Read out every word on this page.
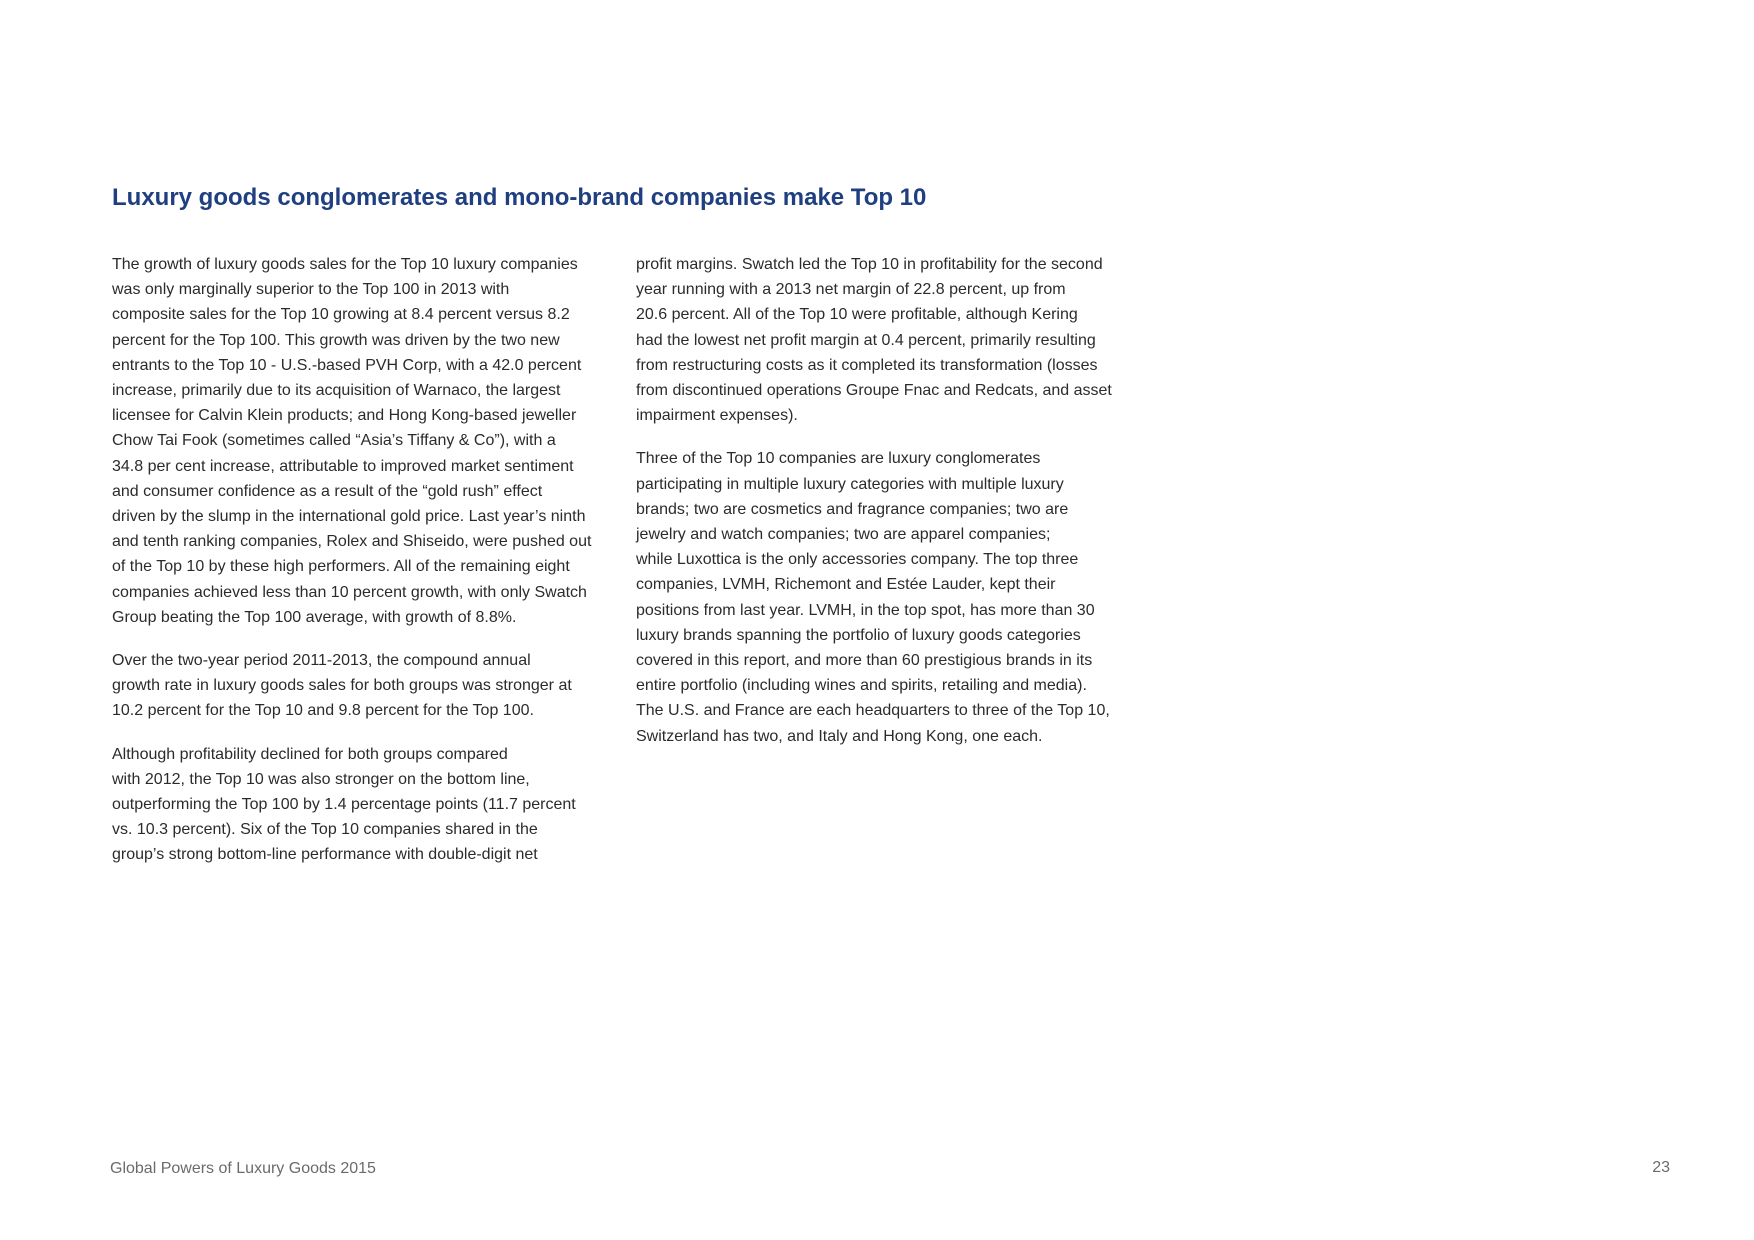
Luxury goods conglomerates and mono-brand companies make Top 10

The growth of luxury goods sales for the Top 10 luxury companies
was only marginally superior to the Top 100 in 2013 with
composite sales for the Top 10 growing at 8.4 percent versus 8.2
percent for the Top 100. This growth was driven by the two new
entrants to the Top 10 - U.S.-based PVH Corp, with a 42.0 percent
increase, primarily due to its acquisition of Warnaco, the largest
licensee for Calvin Klein products; and Hong Kong-based jeweller
Chow Tai Fook (sometimes called “Asia’s Tiffany & Co”), with a
34.8 per cent increase, attributable to improved market sentiment
and consumer confidence as a result of the “gold rush” effect
driven by the slump in the international gold price. Last year’s ninth
and tenth ranking companies, Rolex and Shiseido, were pushed out
of the Top 10 by these high performers. All of the remaining eight
companies achieved less than 10 percent growth, with only Swatch
Group beating the Top 100 average, with growth of 8.8%.

Over the two-year period 2011-2013, the compound annual
growth rate in luxury goods sales for both groups was stronger at
10.2 percent for the Top 10 and 9.8 percent for the Top 100.

Although profitability declined for both groups compared
with 2012, the Top 10 was also stronger on the bottom line,
outperforming the Top 100 by 1.4 percentage points (11.7 percent
vs. 10.3 percent). Six of the Top 10 companies shared in the
group’s strong bottom-line performance with double-digit net

profit margins. Swatch led the Top 10 in profitability for the second
year running with a 2013 net margin of 22.8 percent, up from
20.6 percent. All of the Top 10 were profitable, although Kering
had the lowest net profit margin at 0.4 percent, primarily resulting
from restructuring costs as it completed its transformation (losses
from discontinued operations Groupe Fnac and Redcats, and asset
impairment expenses).

Three of the Top 10 companies are luxury conglomerates
participating in multiple luxury categories with multiple luxury
brands; two are cosmetics and fragrance companies; two are
jewelry and watch companies; two are apparel companies;
while Luxottica is the only accessories company. The top three
companies, LVMH, Richemont and Estée Lauder, kept their
positions from last year. LVMH, in the top spot, has more than 30
luxury brands spanning the portfolio of luxury goods categories
covered in this report, and more than 60 prestigious brands in its
entire portfolio (including wines and spirits, retailing and media).
The U.S. and France are each headquarters to three of the Top 10,
Switzerland has two, and Italy and Hong Kong, one each.

Global Powers of Luxury Goods 2015	23
